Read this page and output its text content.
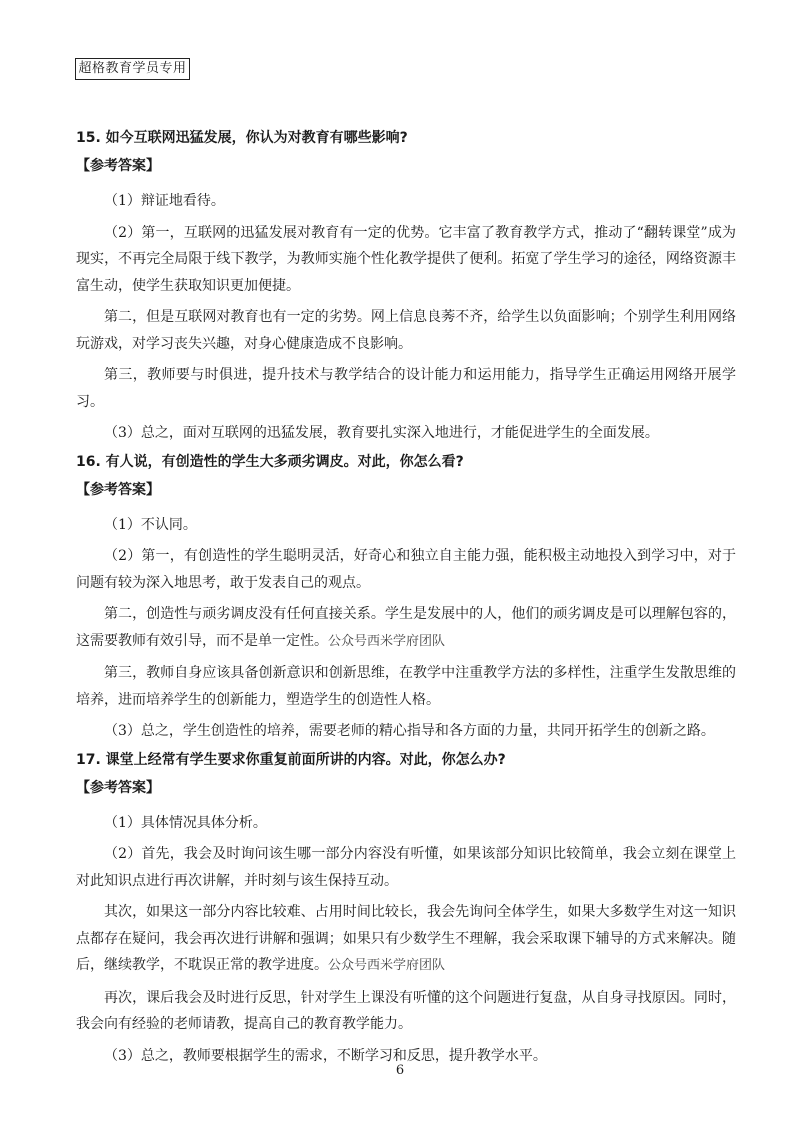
超格教育学员专用

15. 如今互联网迅猛发展，你认为对教育有哪些影响?

【参考答案】

（1）辩证地看待。

（2）第一，互联网的迅猛发展对教育有一定的优势。它丰富了教育教学方式，推动了“翻转课堂”成为现实，不再完全局限于线下教学，为教师实施个性化教学提供了便利。拓宽了学生学习的途径，网络资源丰富生动，使学生获取知识更加便捷。

第二，但是互联网对教育也有一定的劣势。网上信息良莠不齐，给学生以负面影响；个别学生利用网络玩游戏，对学习丧失兴趣，对身心健康造成不良影响。

第三，教师要与时俱进，提升技术与教学结合的设计能力和运用能力，指导学生正确运用网络开展学习。

（3）总之，面对互联网的迅猛发展，教育要扎实深入地进行，才能促进学生的全面发展。

16. 有人说，有创造性的学生大多顽劣调皮。对此，你怎么看?

【参考答案】

（1）不认同。

（2）第一，有创造性的学生聪明灵活，好奇心和独立自主能力强，能积极主动地投入到学习中，对于问题有较为深入地思考，敢于发表自己的观点。

第二，创造性与顽劣调皮没有任何直接关系。学生是发展中的人，他们的顽劣调皮是可以理解包容的，这需要教师有效引导，而不是单一定性。公众号西米学府团队

第三，教师自身应该具备创新意识和创新思维，在教学中注重教学方法的多样性，注重学生发散思维的培养，进而培养学生的创新能力，塑造学生的创造性人格。

（3）总之，学生创造性的培养，需要老师的精心指导和各方面的力量，共同开拓学生的创新之路。

17. 课堂上经常有学生要求你重复前面所讲的内容。对此，你怎么办?

【参考答案】

（1）具体情况具体分析。

（2）首先，我会及时询问该生哪一部分内容没有听懂，如果该部分知识比较简单，我会立刻在课堂上对此知识点进行再次讲解，并时刻与该生保持互动。

其次，如果这一部分内容比较难、占用时间比较长，我会先询问全体学生，如果大多数学生对这一知识点都存在疑问，我会再次进行讲解和强调；如果只有少数学生不理解，我会采取课下辅导的方式来解决。随后，继续教学，不耽误正常的教学进度。公众号西米学府团队

再次，课后我会及时进行反思，针对学生上课没有听懂的这个问题进行复盘，从自身寻找原因。同时，我会向有经验的老师请教，提高自己的教育教学能力。

（3）总之，教师要根据学生的需求，不断学习和反思，提升教学水平。

6
